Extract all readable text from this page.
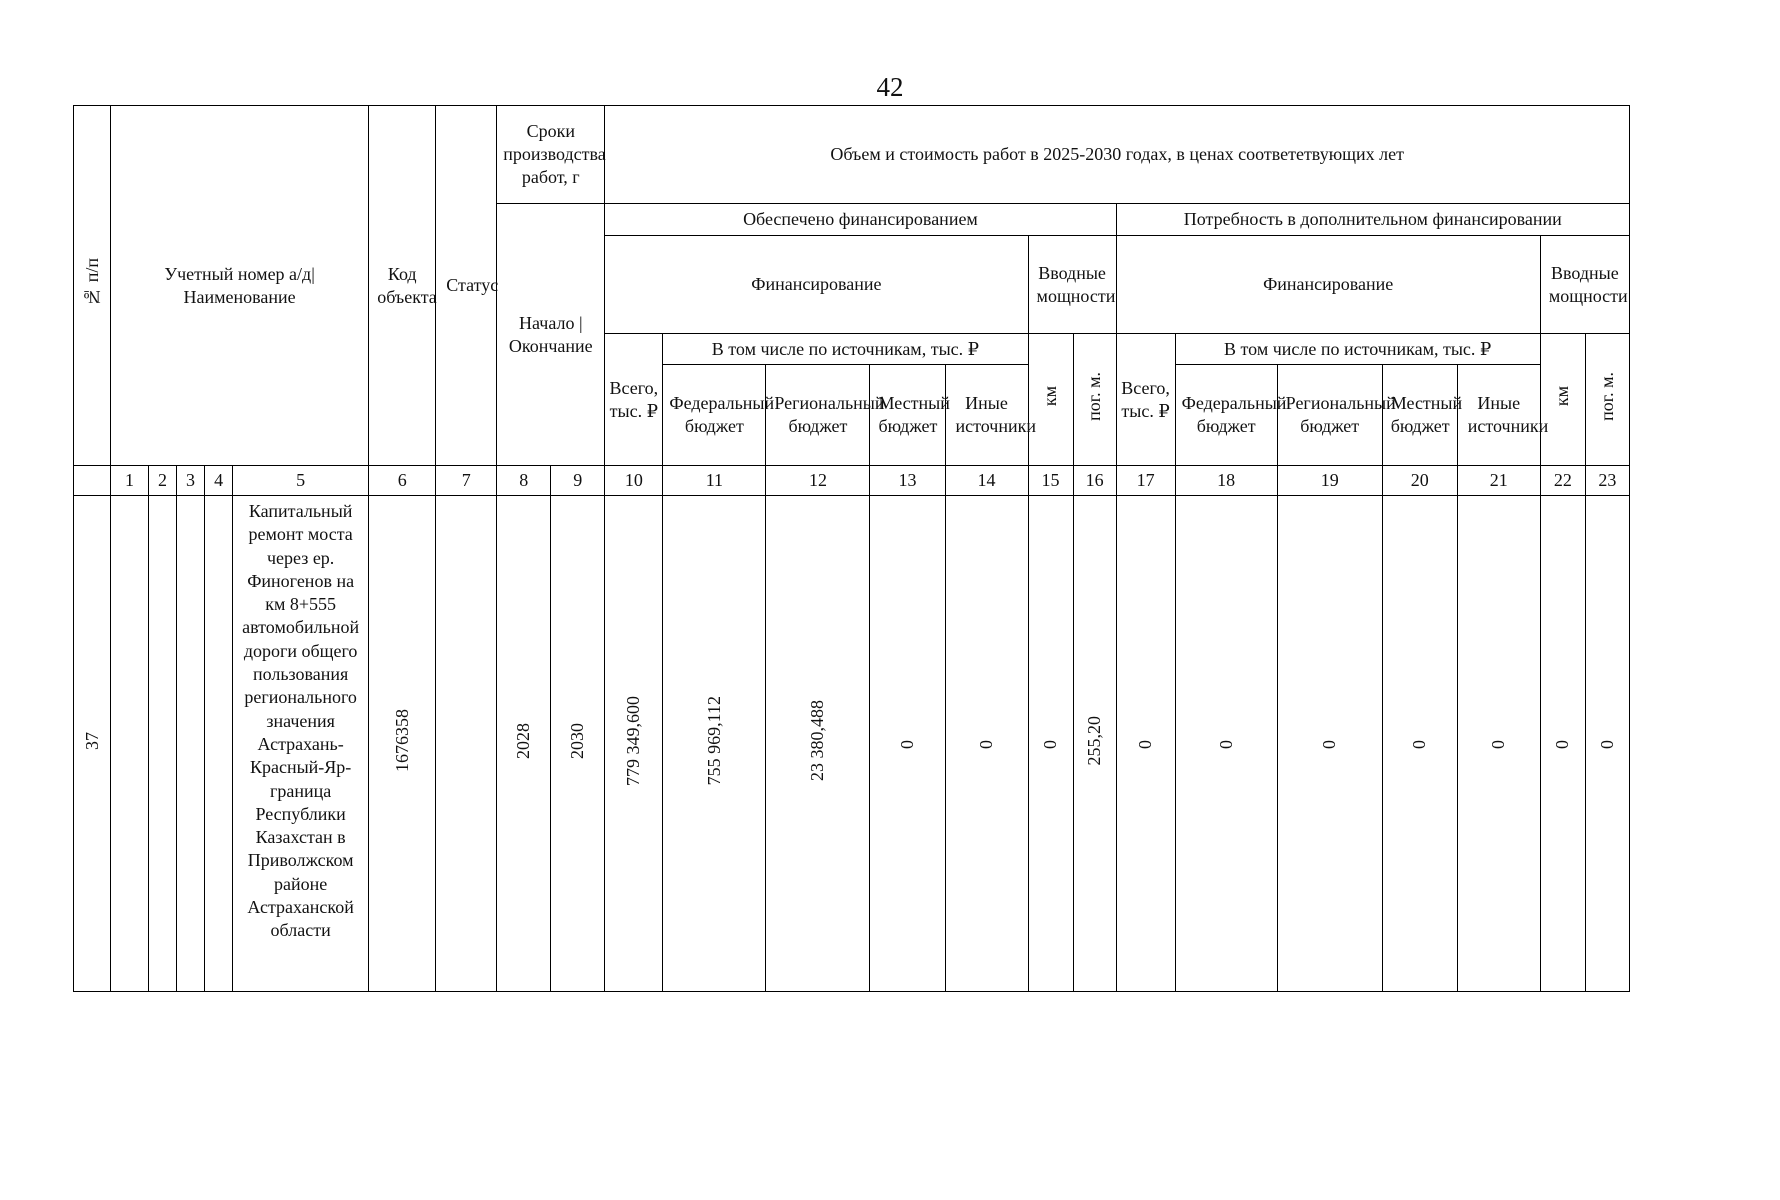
42
№ п/п	Учетный номер а/д| Наименование					Код объекта	Статус	Сроки производства работ, г		Объем и стоимость работ в 2025-2030 годах, в ценах соответетвующих лет													
								Начало | Окончание		Обеспечено финансированием							Потребность в дополнительном финансировании						
										Финансирование					Вводные мощности		Финансирование					Вводные мощности	
										Всего, тыс. ₽	В том числе по источникам, тыс. ₽				км	пог. м.	Всего, тыс. ₽	В том числе по источникам, тыс. ₽				км	пог. м.
											Федеральный бюджет	Региональный бюджет	Местный бюджет	Иные источники				Федеральный бюджет	Региональный бюджет	Местный бюджет	Иные источники		
	1	2	3	4	5	6	7	8	9	10	11	12	13	14	15	16	17	18	19	20	21	22	23
37					Капитальный ремонт моста через ер. Финогенов на км 8+555 автомобильной дороги общего пользования регионального значения Астрахань-Красный-Яр-граница Республики Казахстан в Приволжском районе Астраханской области	1676358		2028	2030	779 349,600	755 969,112	23 380,488	0	0	0	255,20	0	0	0	0	0	0	0
